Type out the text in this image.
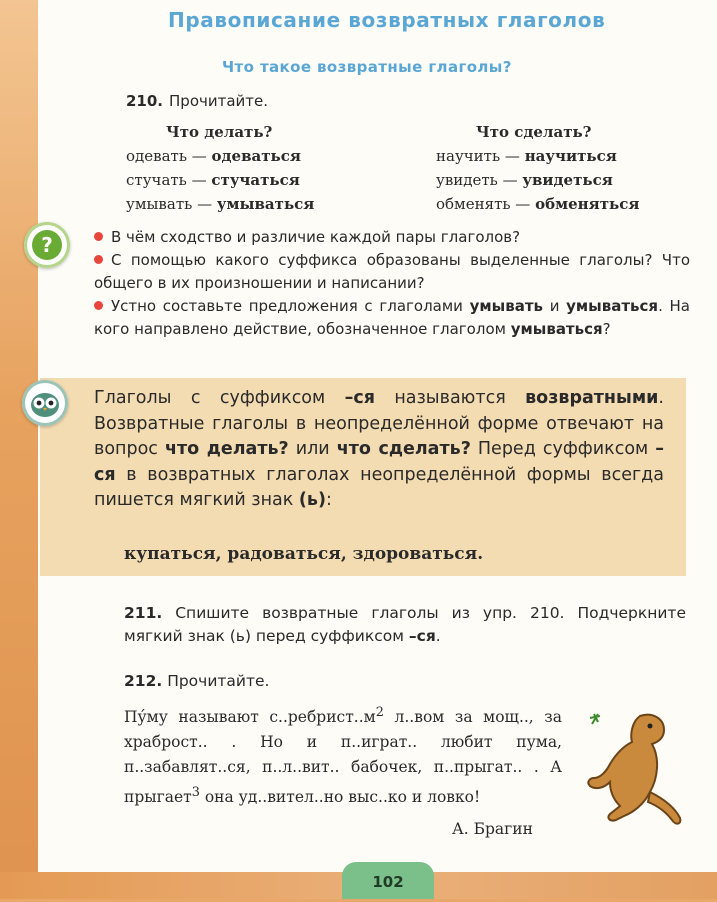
Правописание возвратных глаголов
Что такое возвратные глаголы?
210. Прочитайте.
Что делать?
одевать — одеваться
стучать — стучаться
умывать — умываться
Что сделать?
научить — научиться
увидеть — увидеться
обменять — обменяться
?	В чём сходство и различие каждой пары глаголов?

С помощью какого суффикса образованы выделенные глаголы? Что общего в их произношении и написании?

Устно составьте предложения с глаголами умывать и умываться. На кого направлено действие, обозначенное глаголом умываться?

Глаголы с суффиксом –ся называются возвратными. Возвратные глаголы в неопределённой форме отвечают на вопрос что делать? или что сделать? Перед суффиксом –ся в возвратных глаголах неопределённой формы всегда пишется мягкий знак (ь):
купаться, радоваться, здороваться.
211. Спишите возвратные глаголы из упр. 210. Подчеркните мягкий знак (ь) перед суффиксом –ся.
212. Прочитайте.
Пу́му называют $с..ребрист..м^2$ л..вом за мощ.., за храброст.. . Но и п..играт.. любит пума, п..забавлят..ся, п..л..вит.. бабочек, п..прыгат.. . А прыгает$^3$ она уд..вител..но выс..ко и ловко!
А. Брагин
102
